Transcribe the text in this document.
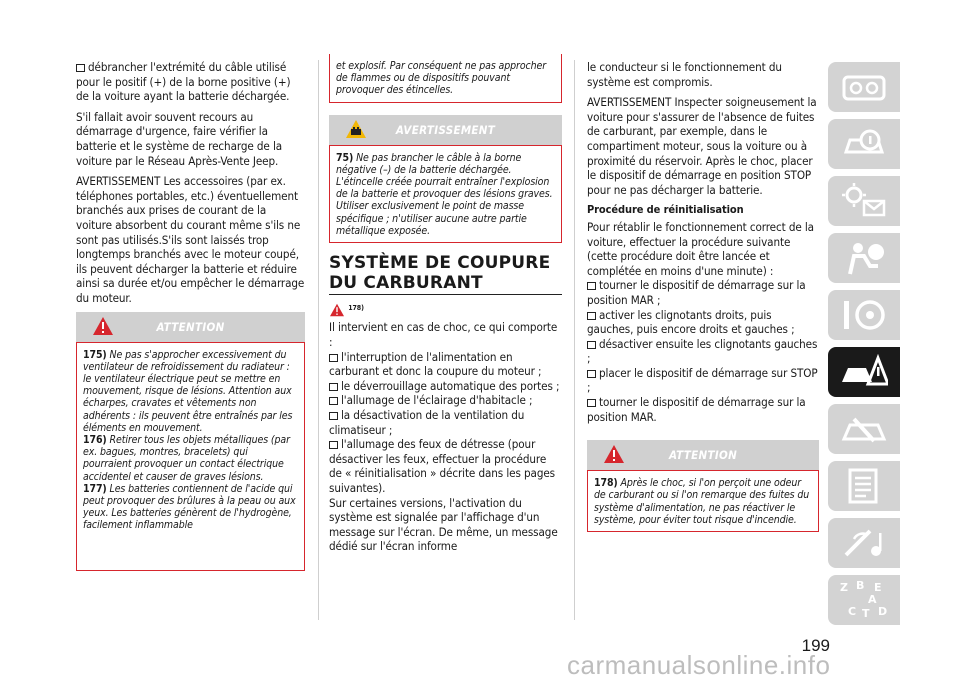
débrancher l'extrémité du câble utilisé pour le positif (+) de la borne positive (+) de la voiture ayant la batterie déchargée.

S'il fallait avoir souvent recours au démarrage d'urgence, faire vérifier la batterie et le système de recharge de la voiture par le Réseau Après-Vente Jeep.

AVERTISSEMENT Les accessoires (par ex. téléphones portables, etc.) éventuellement branchés aux prises de courant de la voiture absorbent du courant même s'ils ne sont pas utilisés.S'ils sont laissés trop longtemps branchés avec le moteur coupé, ils peuvent décharger la batterie et réduire ainsi sa durée et/ou empêcher le démarrage du moteur.

ATTENTION
175) Ne pas s'approcher excessivement du ventilateur de refroidissement du radiateur : le ventilateur électrique peut se mettre en mouvement, risque de lésions. Attention aux écharpes, cravates et vêtements non adhérents : ils peuvent être entraînés par les éléments en mouvement.
176) Retirer tous les objets métalliques (par ex. bagues, montres, bracelets) qui pourraient provoquer un contact électrique accidentel et causer de graves lésions.
177) Les batteries contiennent de l'acide qui peut provoquer des brûlures à la peau ou aux yeux. Les batteries génèrent de l'hydrogène, facilement inflammable
et explosif. Par conséquent ne pas approcher de flammes ou de dispositifs pouvant provoquer des étincelles.
AVERTISSEMENT
75) Ne pas brancher le câble à la borne négative (–) de la batterie déchargée. L'étincelle créée pourrait entraîner l'explosion de la batterie et provoquer des lésions graves. Utiliser exclusivement le point de masse spécifique ; n'utiliser aucune autre partie métallique exposée.
SYSTÈME DE COUPURE DU CARBURANT
$^{178)}$
Il intervient en cas de choc, ce qui comporte :
l'interruption de l'alimentation en carburant et donc la coupure du moteur ;
le déverrouillage automatique des portes ;
l'allumage de l'éclairage d'habitacle ;
la désactivation de la ventilation du climatiseur ;
l'allumage des feux de détresse (pour désactiver les feux, effectuer la procédure de « réinitialisation » décrite dans les pages suivantes).
Sur certaines versions, l'activation du système est signalée par l'affichage d'un message sur l'écran. De même, un message dédié sur l'écran informe

le conducteur si le fonctionnement du système est compromis.

AVERTISSEMENT Inspecter soigneusement la voiture pour s'assurer de l'absence de fuites de carburant, par exemple, dans le compartiment moteur, sous la voiture ou à proximité du réservoir. Après le choc, placer le dispositif de démarrage en position STOP pour ne pas décharger la batterie.

Procédure de réinitialisation
Pour rétablir le fonctionnement correct de la voiture, effectuer la procédure suivante (cette procédure doit être lancée et complétée en moins d'une minute) :
tourner le dispositif de démarrage sur la position MAR ;
activer les clignotants droits, puis gauches, puis encore droits et gauches ;
désactiver ensuite les clignotants gauches ;
placer le dispositif de démarrage sur STOP ;
tourner le dispositif de démarrage sur la position MAR.
ATTENTION
178) Après le choc, si l'on perçoit une odeur de carburant ou si l'on remarque des fuites du système d'alimentation, ne pas réactiver le système, pour éviter tout risque d'incendie.
Z B E
A
C T D
199
carmanualsonline.info
